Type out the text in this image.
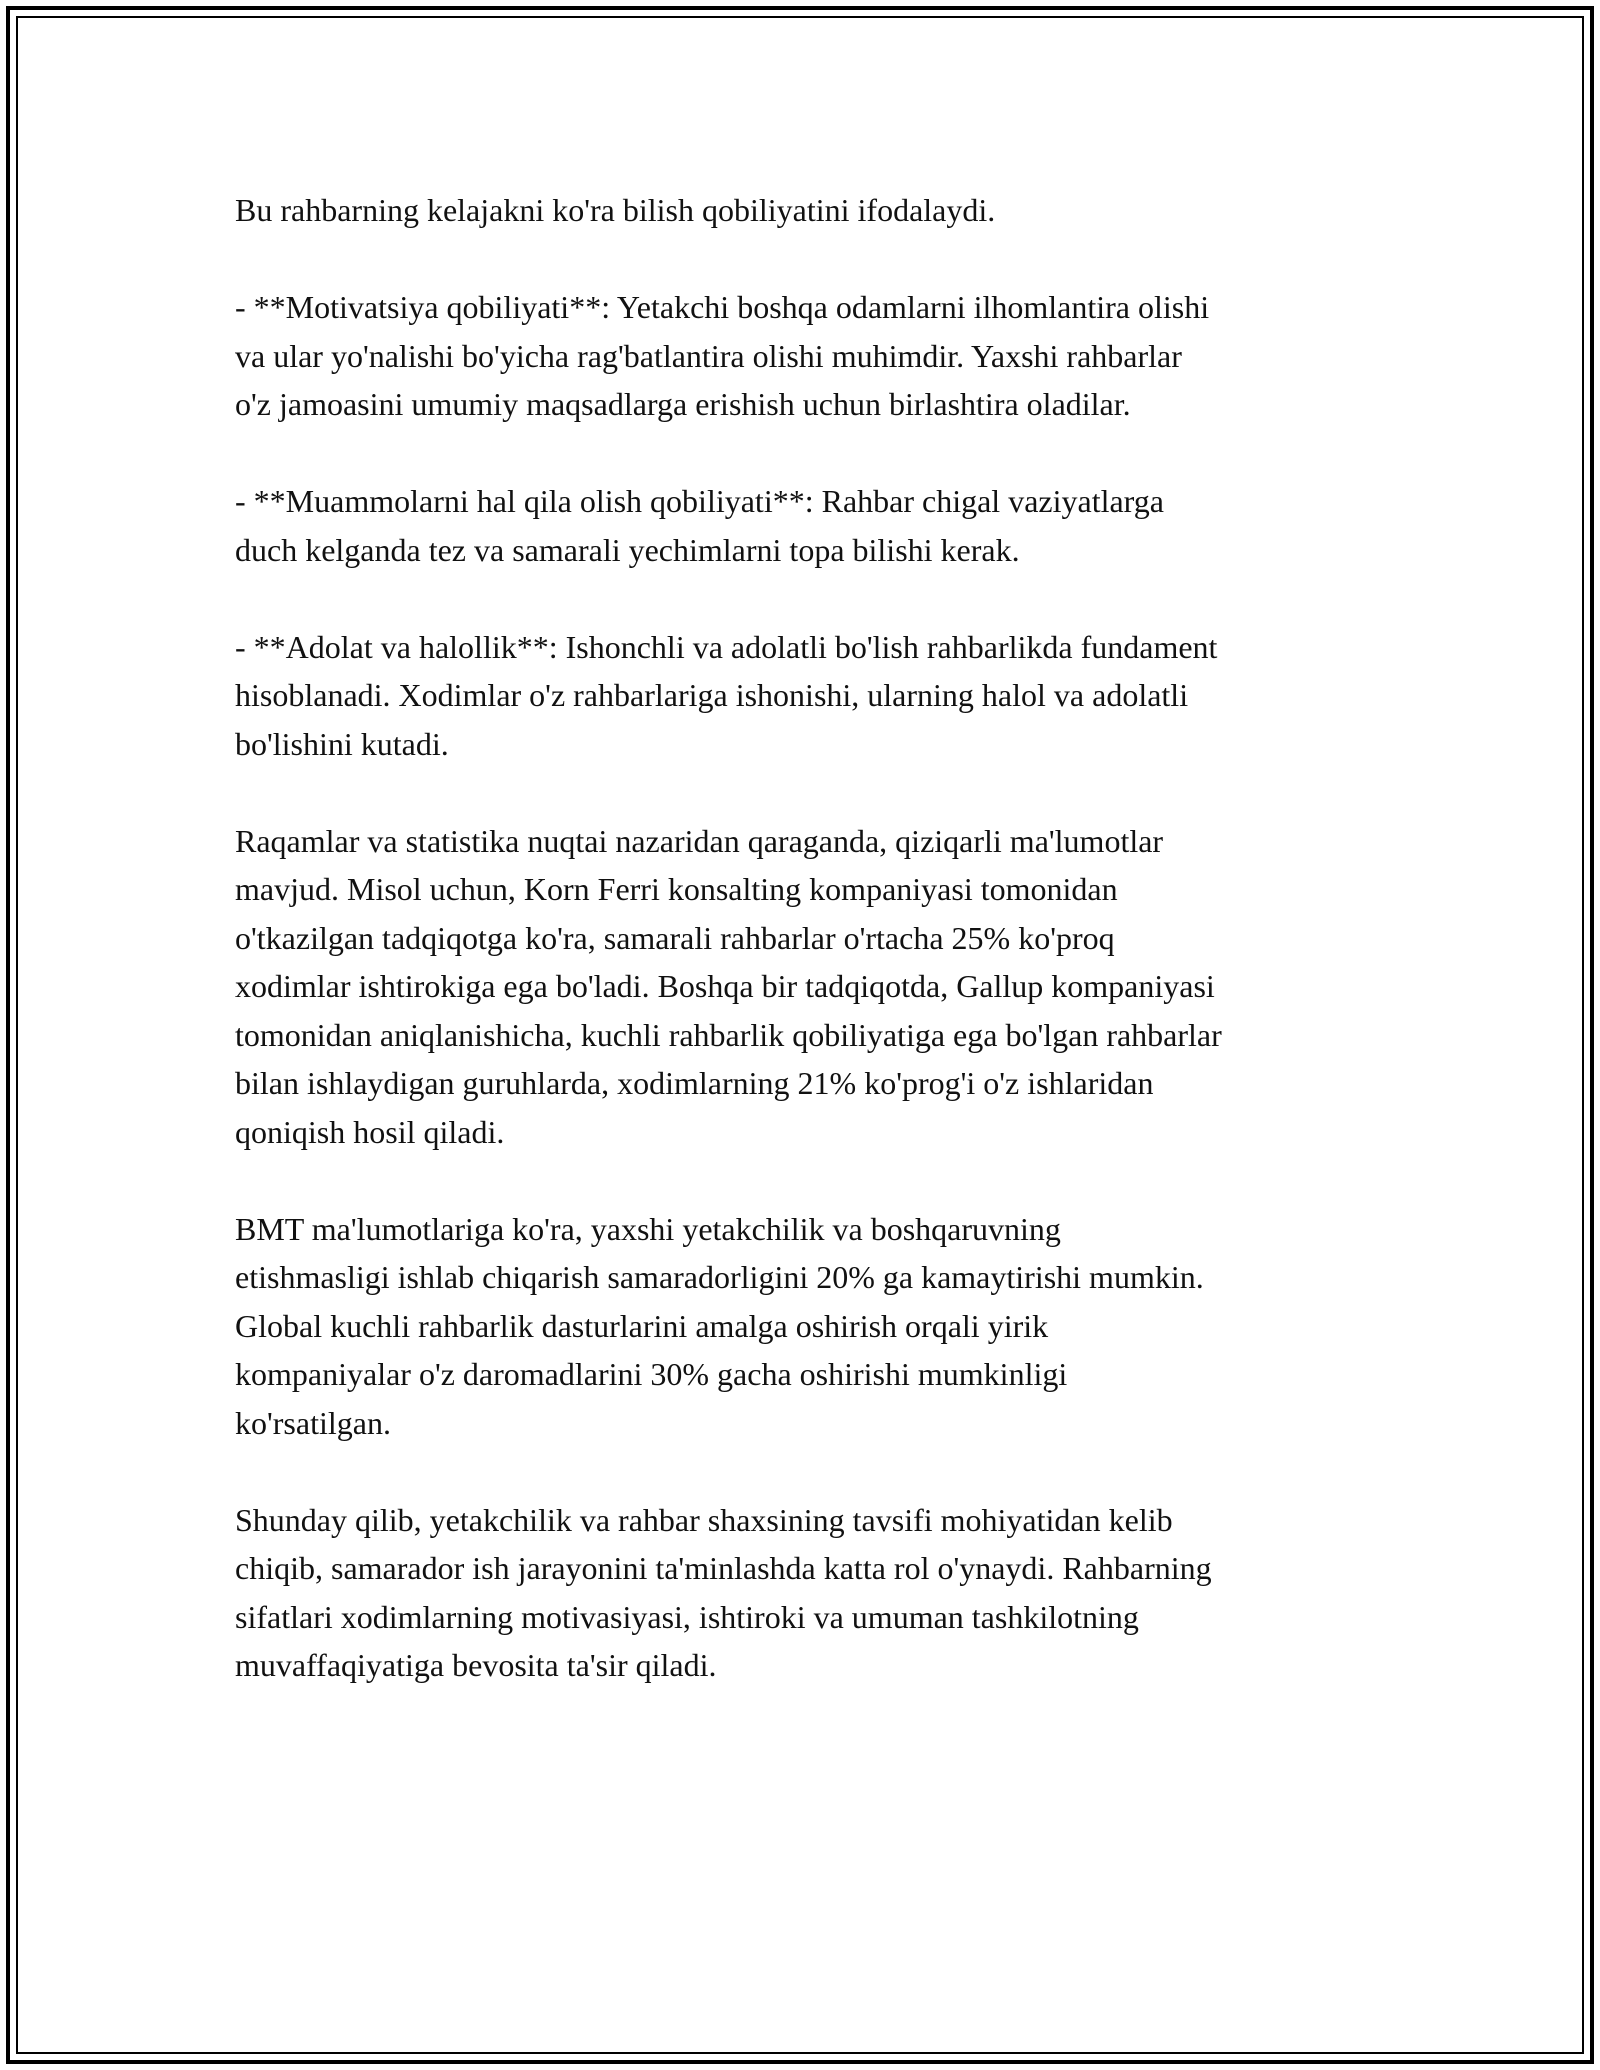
Bu rahbarning kelajakni ko'ra bilish qobiliyatini ifodalaydi.

- **Motivatsiya qobiliyati**: Yetakchi boshqa odamlarni ilhomlantira olishi
va ular yo'nalishi bo'yicha rag'batlantira olishi muhimdir. Yaxshi rahbarlar
o'z jamoasini umumiy maqsadlarga erishish uchun birlashtira oladilar.

- **Muammolarni hal qila olish qobiliyati**: Rahbar chigal vaziyatlarga
duch kelganda tez va samarali yechimlarni topa bilishi kerak.

- **Adolat va halollik**: Ishonchli va adolatli bo'lish rahbarlikda fundament
hisoblanadi. Xodimlar o'z rahbarlariga ishonishi, ularning halol va adolatli
bo'lishini kutadi.

Raqamlar va statistika nuqtai nazaridan qaraganda, qiziqarli ma'lumotlar
mavjud. Misol uchun, Korn Ferri konsalting kompaniyasi tomonidan
o'tkazilgan tadqiqotga ko'ra, samarali rahbarlar o'rtacha 25% ko'proq
xodimlar ishtirokiga ega bo'ladi. Boshqa bir tadqiqotda, Gallup kompaniyasi
tomonidan aniqlanishicha, kuchli rahbarlik qobiliyatiga ega bo'lgan rahbarlar
bilan ishlaydigan guruhlarda, xodimlarning 21% ko'prog'i o'z ishlaridan
qoniqish hosil qiladi.

BMT ma'lumotlariga ko'ra, yaxshi yetakchilik va boshqaruvning
etishmasligi ishlab chiqarish samaradorligini 20% ga kamaytirishi mumkin.
Global kuchli rahbarlik dasturlarini amalga oshirish orqali yirik
kompaniyalar o'z daromadlarini 30% gacha oshirishi mumkinligi
ko'rsatilgan.

Shunday qilib, yetakchilik va rahbar shaxsining tavsifi mohiyatidan kelib
chiqib, samarador ish jarayonini ta'minlashda katta rol o'ynaydi. Rahbarning
sifatlari xodimlarning motivasiyasi, ishtiroki va umuman tashkilotning
muvaffaqiyatiga bevosita ta'sir qiladi.
